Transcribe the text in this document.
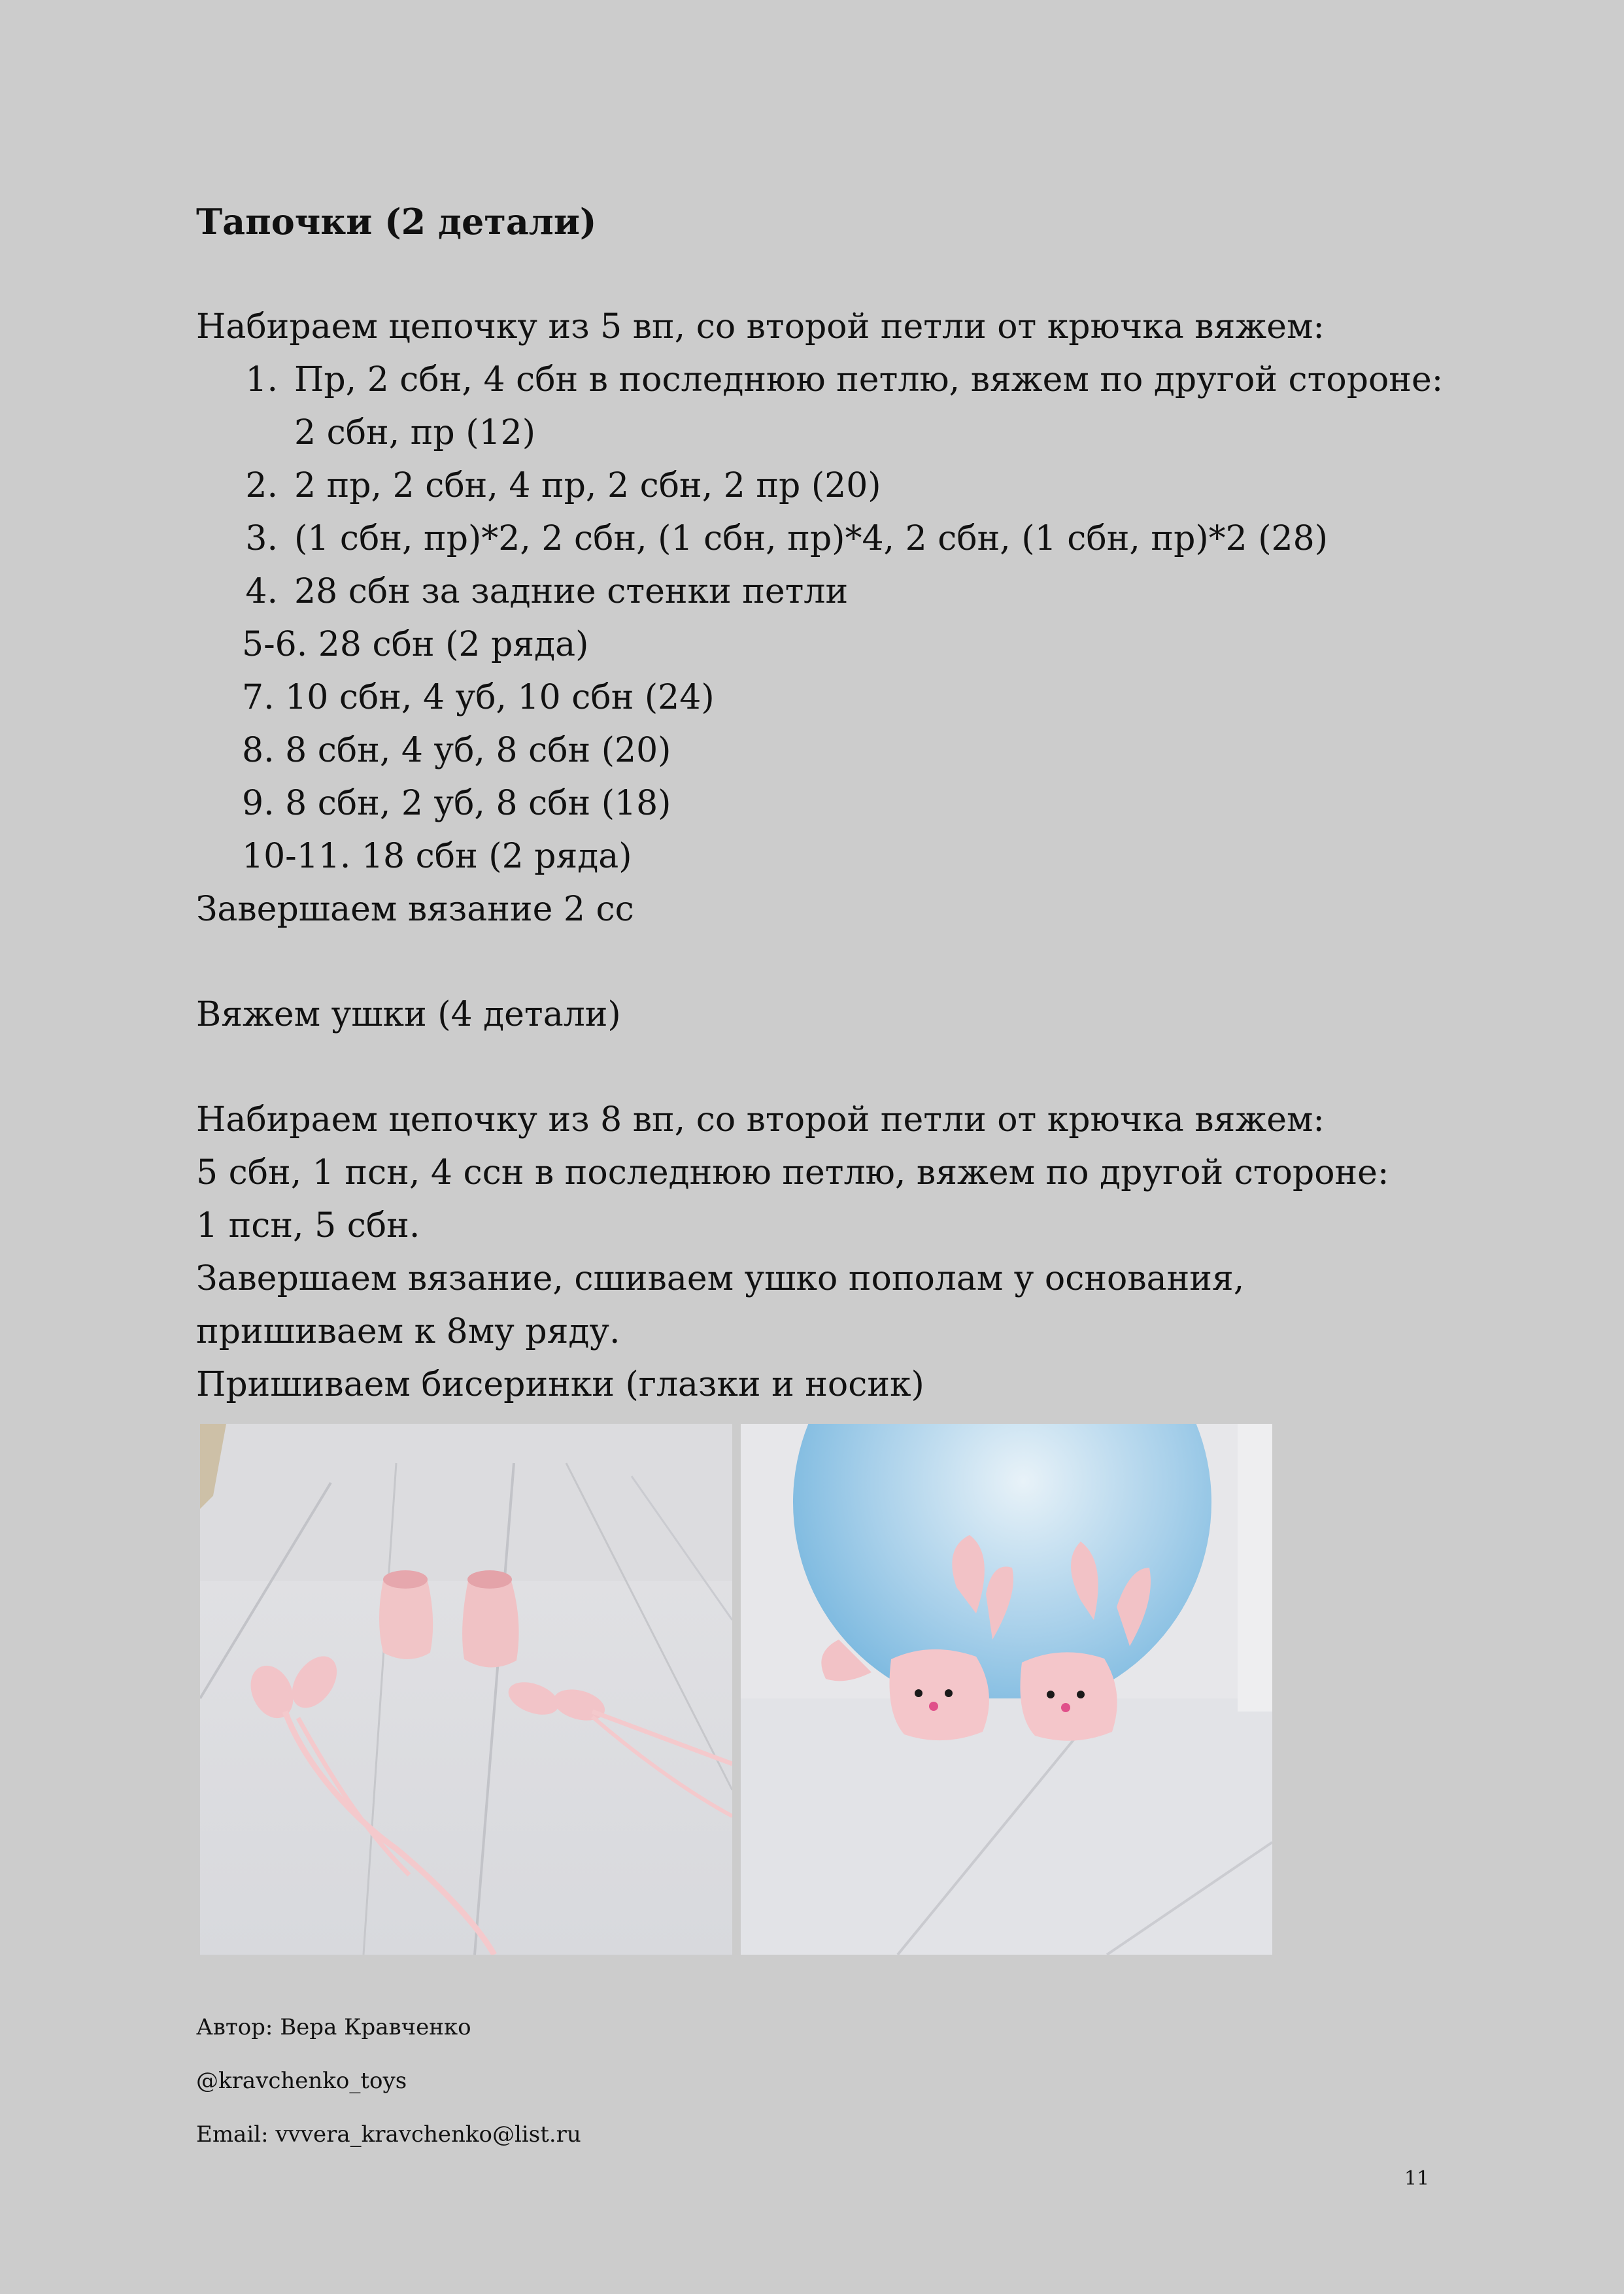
Тапочки (2 детали)

Набираем цепочку из 5 вп, со второй петли от крючка вяжем:

1. Пр, 2 сбн, 4 сбн в последнюю петлю, вяжем по другой стороне:
2 сбн, пр (12)
2. 2 пр, 2 сбн, 4 пр, 2 сбн, 2 пр (20)
3. (1 сбн, пр)*2, 2 сбн, (1 сбн, пр)*4, 2 сбн, (1 сбн, пр)*2 (28)
4. 28 сбн за задние стенки петли
5-6. 28 сбн (2 ряда)
7. 10 сбн, 4 уб, 10 сбн (24)
8. 8 сбн, 4 уб, 8 сбн (20)
9. 8 сбн, 2 уб, 8 сбн (18)
10-11. 18 сбн (2 ряда)

Завершаем вязание 2 сс

Вяжем ушки (4 детали)

Набираем цепочку из 8 вп, со второй петли от крючка вяжем:

5 сбн, 1 псн, 4 ссн в последнюю петлю, вяжем по другой стороне:

1 псн, 5 сбн.

Завершаем вязание, сшиваем ушко пополам у основания,

пришиваем к 8му ряду.

Пришиваем бисеринки (глазки и носик)

Автор: Вера Кравченко

@kravchenko_toys

Email: vvvera_kravchenko@list.ru

11
